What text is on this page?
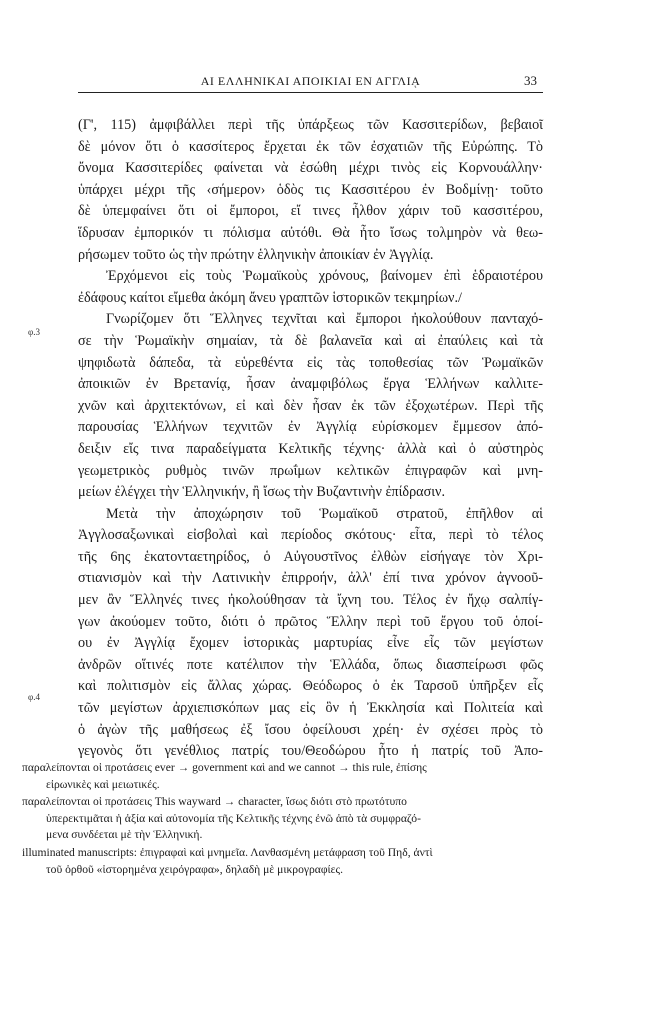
ΑΙ ΕΛΛΗΝΙΚΑΙ ΑΠΟΙΚΙΑΙ ΕΝ ΑΓΓΛΙᾼ	33
φ.3
φ.4
(Γ', 115) ἀμφιβάλλει περὶ τῆς ὑπάρξεως τῶν Κασσιτερίδων, βεβαιοῖ
δὲ μόνον ὅτι ὁ κασσίτερος ἔρχεται ἐκ τῶν ἐσχατιῶν τῆς Εὐρώπης. Τὸ
ὄνομα Κασσιτερίδες φαίνεται νὰ ἐσώθη μέχρι τινὸς εἰς Κορνουάλλην·
ὑπάρχει μέχρι τῆς ‹σήμερον› ὁδὸς τις Κασσιτέρου ἐν Βοδμίνῃ· τοῦτο
δὲ ὑπεμφαίνει ὅτι οἱ ἔμποροι, εἴ τινες ἦλθον χάριν τοῦ κασσιτέρου,
ἵδρυσαν ἐμπορικόν τι πόλισμα αὐτόθι. Θὰ ἦτο ἴσως τολμηρὸν νὰ θεω-
ρήσωμεν τοῦτο ὡς τὴν πρώτην ἑλληνικὴν ἀποικίαν ἐν Ἀγγλίᾳ.
Ἐρχόμενοι εἰς τοὺς Ῥωμαϊκοὺς χρόνους, βαίνομεν ἐπὶ ἑδραιοτέρου
ἐδάφους καίτοι εἴμεθα ἀκόμη ἄνευ γραπτῶν ἱστορικῶν τεκμηρίων./
Γνωρίζομεν ὅτι Ἕλληνες τεχνῖται καὶ ἔμποροι ἠκολούθουν πανταχό-
σε τὴν Ῥωμαϊκὴν σημαίαν, τὰ δὲ βαλανεῖα καὶ αἱ ἐπαύλεις καὶ τὰ
ψηφιδωτὰ δάπεδα, τὰ εὑρεθέντα εἰς τὰς τοποθεσίας τῶν Ῥωμαϊκῶν
ἀποικιῶν ἐν Βρετανίᾳ, ἦσαν ἀναμφιβόλως ἔργα Ἑλλήνων καλλιτε-
χνῶν καὶ ἀρχιτεκτόνων, εἰ καὶ δὲν ἦσαν ἐκ τῶν ἐξοχωτέρων. Περὶ τῆς
παρουσίας Ἑλλήνων τεχνιτῶν ἐν Ἀγγλίᾳ εὑρίσκομεν ἔμμεσον ἀπό-
δειξιν εἴς τινα παραδείγματα Κελτικῆς τέχνης· ἀλλὰ καὶ ὁ αὐστηρὸς
γεωμετρικὸς ρυθμὸς τινῶν πρωΐμων κελτικῶν ἐπιγραφῶν καὶ μνη-
μείων ἐλέγχει τὴν Ἑλληνικήν, ἢ ἴσως τὴν Βυζαντινὴν ἐπίδρασιν.
Μετὰ τὴν ἀποχώρησιν τοῦ Ῥωμαϊκοῦ στρατοῦ, ἐπῆλθον αἱ
Ἀγγλοσαξωνικαὶ εἰσβολαὶ καὶ περίοδος σκότους· εἶτα, περὶ τὸ τέλος
τῆς 6ης ἑκατονταετηρίδος, ὁ Αὐγουστῖνος ἐλθὼν εἰσήγαγε τὸν Χρι-
στιανισμὸν καὶ τὴν Λατινικὴν ἐπιρροήν, ἀλλ' ἐπί τινα χρόνον ἀγνοοῦ-
μεν ἂν Ἕλληνές τινες ἠκολούθησαν τὰ ἴχνη του. Τέλος ἐν ἤχῳ σαλπίγ-
γων ἀκούομεν τοῦτο, διότι ὁ πρῶτος Ἕλλην περὶ τοῦ ἔργου τοῦ ὁποί-
ου ἐν Ἀγγλίᾳ ἔχομεν ἱστορικὰς μαρτυρίας εἶνε εἷς τῶν μεγίστων
ἀνδρῶν οἵτινές ποτε κατέλιπον τὴν Ἑλλάδα, ὅπως διασπείρωσι φῶς
καὶ πολιτισμὸν εἰς ἄλλας χώρας. Θεόδωρος ὁ ἐκ Ταρσοῦ ὑπῆρξεν εἷς
τῶν μεγίστων ἀρχιεπισκόπων μας εἰς ὃν ἡ Ἐκκλησία καὶ Πολιτεία καὶ
ὁ ἀγὼν τῆς μαθήσεως ἐξ ἴσου ὀφείλουσι χρέη· ἐν σχέσει πρὸς τὸ
γεγονὸς ὅτι γενέθλιος πατρίς του/Θεοδώρου ἦτο ἡ πατρίς τοῦ Ἀπο-
παραλείπονται οἱ προτάσεις ever → government καὶ and we cannot → this rule, ἐπίσης
εἰρωνικὲς καὶ μειωτικές.
παραλείπονται οἱ προτάσεις This wayward → character, ἴσως διότι στὸ πρωτότυπο
ὑπερεκτιμᾶται ἡ ἀξία καὶ αὐτονομία τῆς Κελτικῆς τέχνης ἐνῶ ἀπὸ τὰ συμφραζό-
μενα συνδέεται μὲ τὴν Ἑλληνική.
illuminated manuscripts: ἐπιγραφαὶ καὶ μνημεῖα. Λανθασμένη μετάφραση τοῦ Πηδ, ἀντὶ
τοῦ ὀρθοῦ «ἱστορημένα χειρόγραφα», δηλαδὴ μὲ μικρογραφίες.
